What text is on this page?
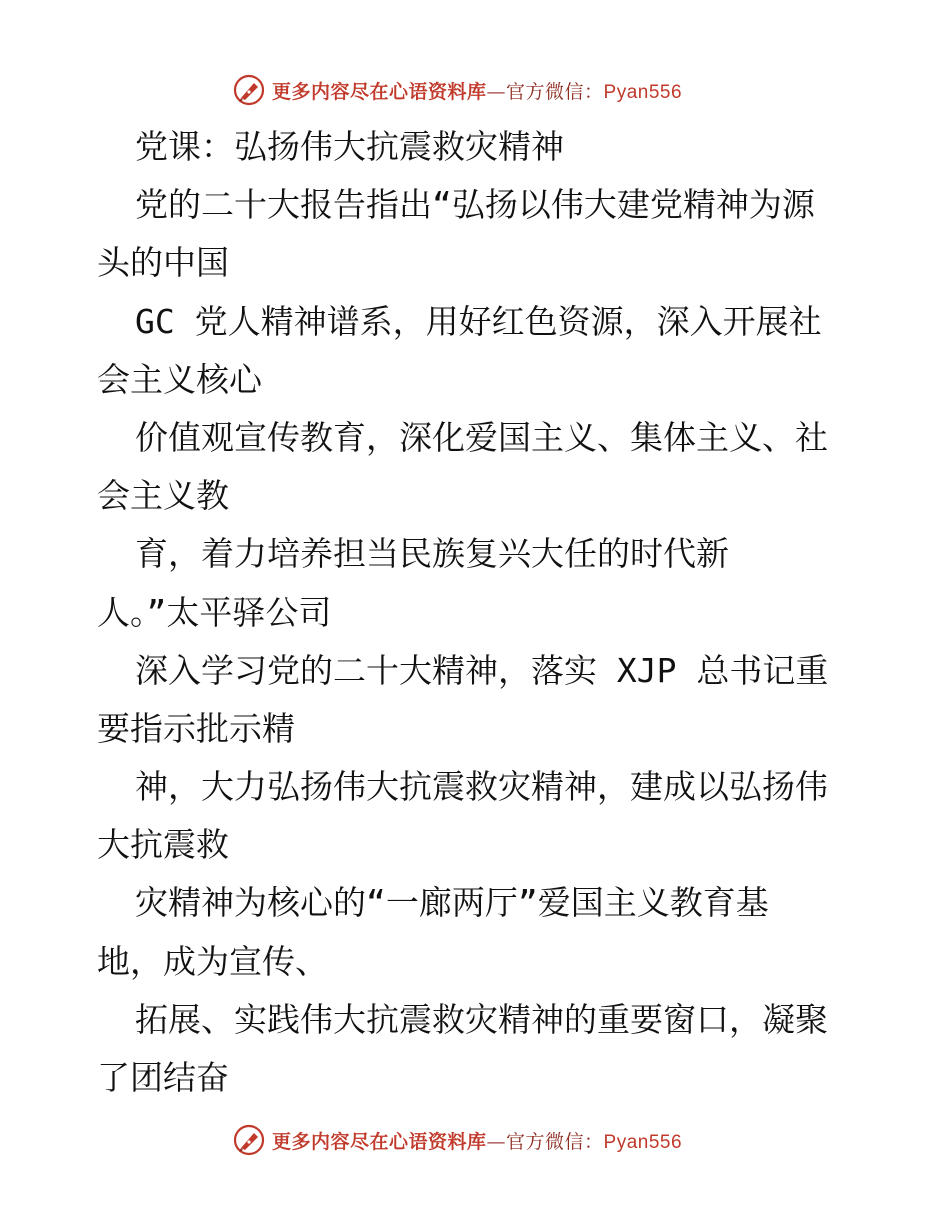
更多内容尽在心语资料库—官方微信：Pyan556
党课：弘扬伟大抗震救灾精神
党的二十大报告指出“弘扬以伟大建党精神为源
头的中国
GC 党人精神谱系，用好红色资源，深入开展社
会主义核心
价值观宣传教育，深化爱国主义、集体主义、社
会主义教
育，着力培养担当民族复兴大任的时代新
人。”太平驿公司
深入学习党的二十大精神，落实 XJP 总书记重
要指示批示精
神，大力弘扬伟大抗震救灾精神，建成以弘扬伟
大抗震救
灾精神为核心的“一廊两厅”爱国主义教育基
地，成为宣传、
拓展、实践伟大抗震救灾精神的重要窗口，凝聚
了团结奋
更多内容尽在心语资料库—官方微信：Pyan556
